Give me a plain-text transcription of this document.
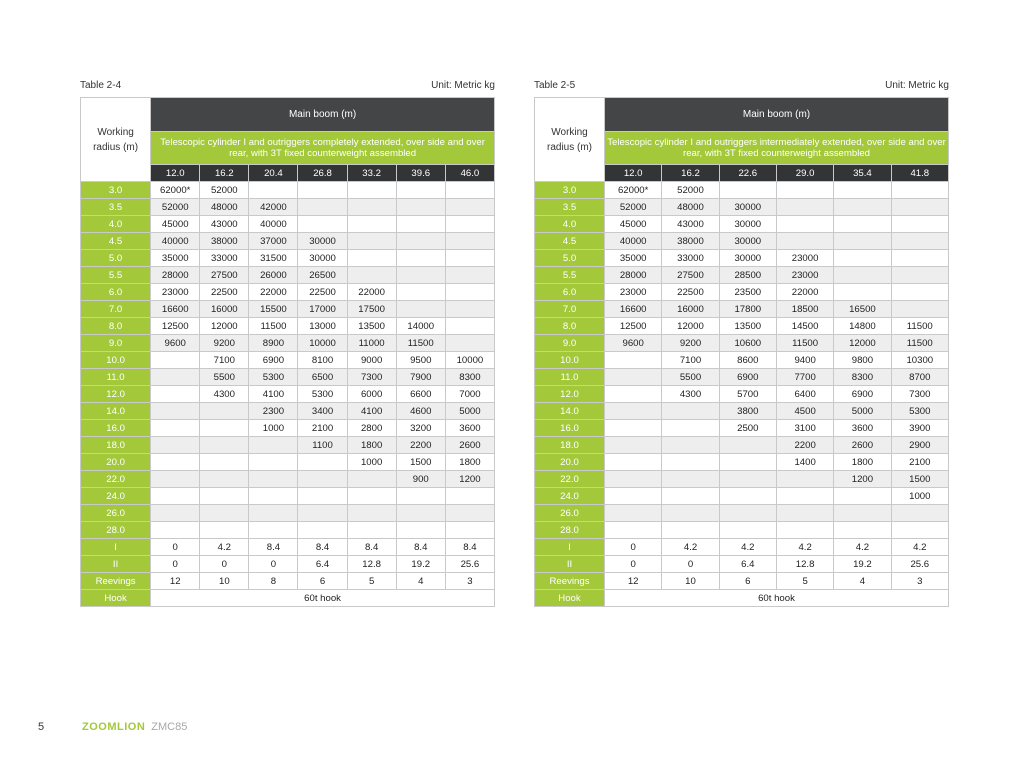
Table 2-4	Unit: Metric kg
Working radius (m)	Main boom (m)						
	Telescopic cylinder I and outriggers completely extended, over side and over rear, with 3T fixed counterweight assembled						
	12.0	16.2	20.4	26.8	33.2	39.6	46.0
3.0	62000*	52000					
3.5	52000	48000	42000				
4.0	45000	43000	40000				
4.5	40000	38000	37000	30000			
5.0	35000	33000	31500	30000			
5.5	28000	27500	26000	26500			
6.0	23000	22500	22000	22500	22000		
7.0	16600	16000	15500	17000	17500		
8.0	12500	12000	11500	13000	13500	14000	
9.0	9600	9200	8900	10000	11000	11500	
10.0		7100	6900	8100	9000	9500	10000
11.0		5500	5300	6500	7300	7900	8300
12.0		4300	4100	5300	6000	6600	7000
14.0			2300	3400	4100	4600	5000
16.0			1000	2100	2800	3200	3600
18.0				1100	1800	2200	2600
20.0					1000	1500	1800
22.0						900	1200
24.0							
26.0							
28.0							
I	0	4.2	8.4	8.4	8.4	8.4	8.4
II	0	0	0	6.4	12.8	19.2	25.6
Reevings	12	10	8	6	5	4	3
Hook	60t hook						
Table 2-5	Unit: Metric kg
Working radius (m)	Main boom (m)					
	Telescopic cylinder I and outriggers intermediately extended, over side and over rear, with 3T fixed counterweight assembled					
	12.0	16.2	22.6	29.0	35.4	41.8
3.0	62000*	52000				
3.5	52000	48000	30000			
4.0	45000	43000	30000			
4.5	40000	38000	30000			
5.0	35000	33000	30000	23000		
5.5	28000	27500	28500	23000		
6.0	23000	22500	23500	22000		
7.0	16600	16000	17800	18500	16500	
8.0	12500	12000	13500	14500	14800	11500
9.0	9600	9200	10600	11500	12000	11500
10.0		7100	8600	9400	9800	10300
11.0		5500	6900	7700	8300	8700
12.0		4300	5700	6400	6900	7300
14.0			3800	4500	5000	5300
16.0			2500	3100	3600	3900
18.0				2200	2600	2900
20.0				1400	1800	2100
22.0					1200	1500
24.0						1000
26.0						
28.0						
I	0	4.2	4.2	4.2	4.2	4.2
II	0	0	6.4	12.8	19.2	25.6
Reevings	12	10	6	5	4	3
Hook	60t hook					
5	ZOOMLION ZMC85
